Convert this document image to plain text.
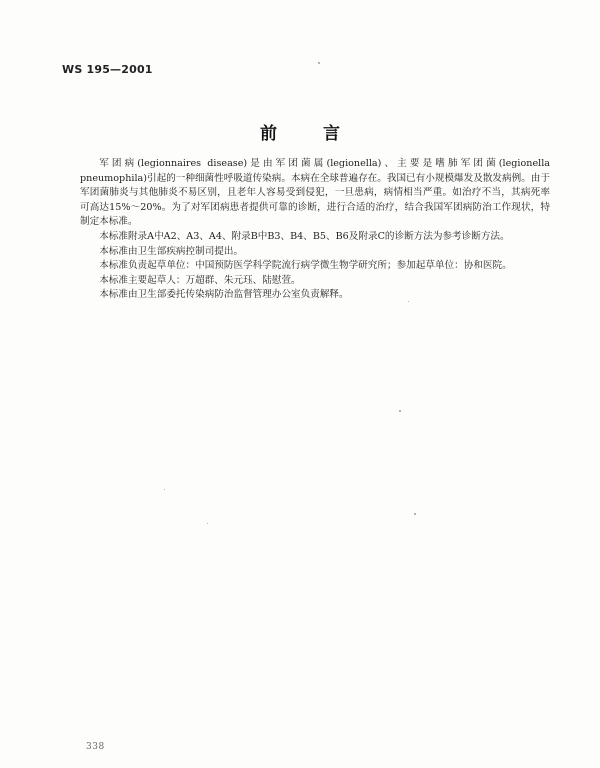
WS 195—2001
前言

军团病(legionnaires disease)是由军团菌属(legionella)、主要是嗜肺军团菌(legionella pneumophila)引起的一种细菌性呼吸道传染病。本病在全球普遍存在。我国已有小规模爆发及散发病例。由于军团菌肺炎与其他肺炎不易区别，且老年人容易受到侵犯，一旦患病，病情相当严重。如治疗不当，其病死率可高达15%～20%。为了对军团病患者提供可靠的诊断，进行合适的治疗，结合我国军团病防治工作现状，特制定本标准。

本标准附录A中A2、A3、A4、附录B中B3、B4、B5、B6及附录C的诊断方法为参考诊断方法。

本标准由卫生部疾病控制司提出。

本标准负责起草单位：中国预防医学科学院流行病学微生物学研究所；参加起草单位：协和医院。

本标准主要起草人：万超群、朱元珏、陆慰萱。

本标准由卫生部委托传染病防治监督管理办公室负责解释。

338
